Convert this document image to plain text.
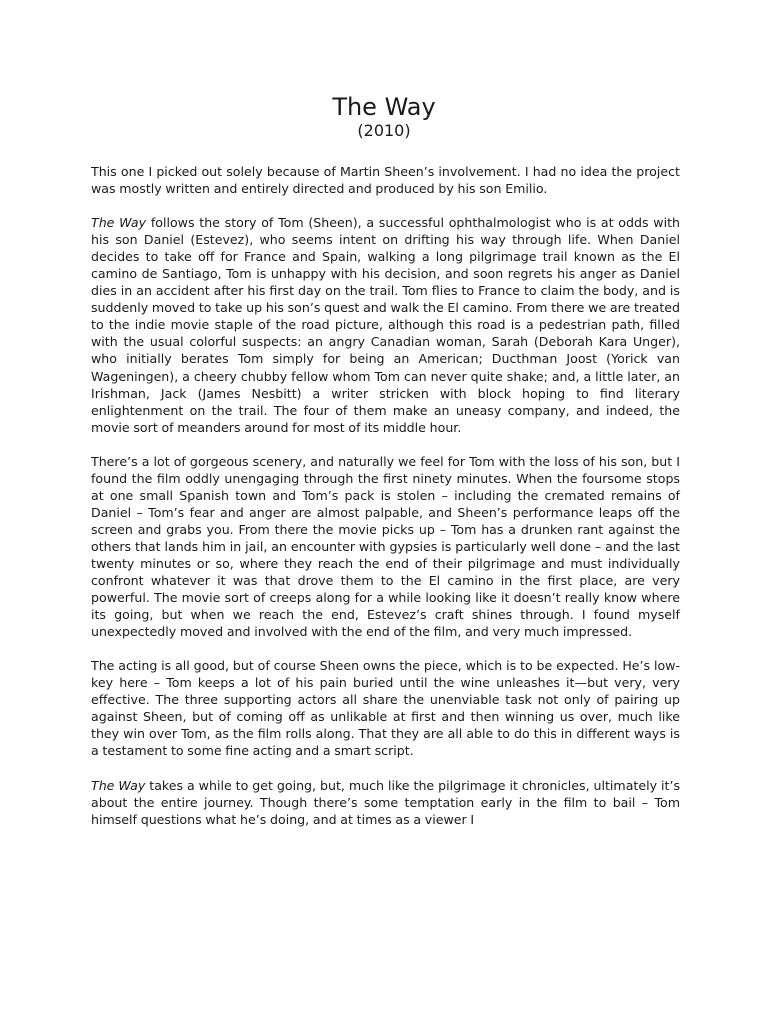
The Way
(2010)

This one I picked out solely because of Martin Sheen’s involvement. I had no idea the project was mostly written and entirely directed and produced by his son Emilio.

The Way follows the story of Tom (Sheen), a successful ophthalmologist who is at odds with his son Daniel (Estevez), who seems intent on drifting his way through life. When Daniel decides to take off for France and Spain, walking a long pilgrimage trail known as the El camino de Santiago, Tom is unhappy with his decision, and soon regrets his anger as Daniel dies in an accident after his first day on the trail. Tom flies to France to claim the body, and is suddenly moved to take up his son’s quest and walk the El camino. From there we are treated to the indie movie staple of the road picture, although this road is a pedestrian path, filled with the usual colorful suspects: an angry Canadian woman, Sarah (Deborah Kara Unger), who initially berates Tom simply for being an American; Ducthman Joost (Yorick van Wageningen), a cheery chubby fellow whom Tom can never quite shake; and, a little later, an Irishman, Jack (James Nesbitt) a writer stricken with block hoping to find literary enlightenment on the trail. The four of them make an uneasy company, and indeed, the movie sort of meanders around for most of its middle hour.

There’s a lot of gorgeous scenery, and naturally we feel for Tom with the loss of his son, but I found the film oddly unengaging through the first ninety minutes. When the foursome stops at one small Spanish town and Tom’s pack is stolen – including the cremated remains of Daniel – Tom’s fear and anger are almost palpable, and Sheen’s performance leaps off the screen and grabs you. From there the movie picks up – Tom has a drunken rant against the others that lands him in jail, an encounter with gypsies is particularly well done – and the last twenty minutes or so, where they reach the end of their pilgrimage and must individually confront whatever it was that drove them to the El camino in the first place, are very powerful. The movie sort of creeps along for a while looking like it doesn’t really know where its going, but when we reach the end, Estevez’s craft shines through. I found myself unexpectedly moved and involved with the end of the film, and very much impressed.

The acting is all good, but of course Sheen owns the piece, which is to be expected. He’s low-key here – Tom keeps a lot of his pain buried until the wine unleashes it—but very, very effective. The three supporting actors all share the unenviable task not only of pairing up against Sheen, but of coming off as unlikable at first and then winning us over, much like they win over Tom, as the film rolls along. That they are all able to do this in different ways is a testament to some fine acting and a smart script.

The Way takes a while to get going, but, much like the pilgrimage it chronicles, ultimately it’s about the entire journey. Though there’s some temptation early in the film to bail – Tom himself questions what he’s doing, and at times as a viewer I
